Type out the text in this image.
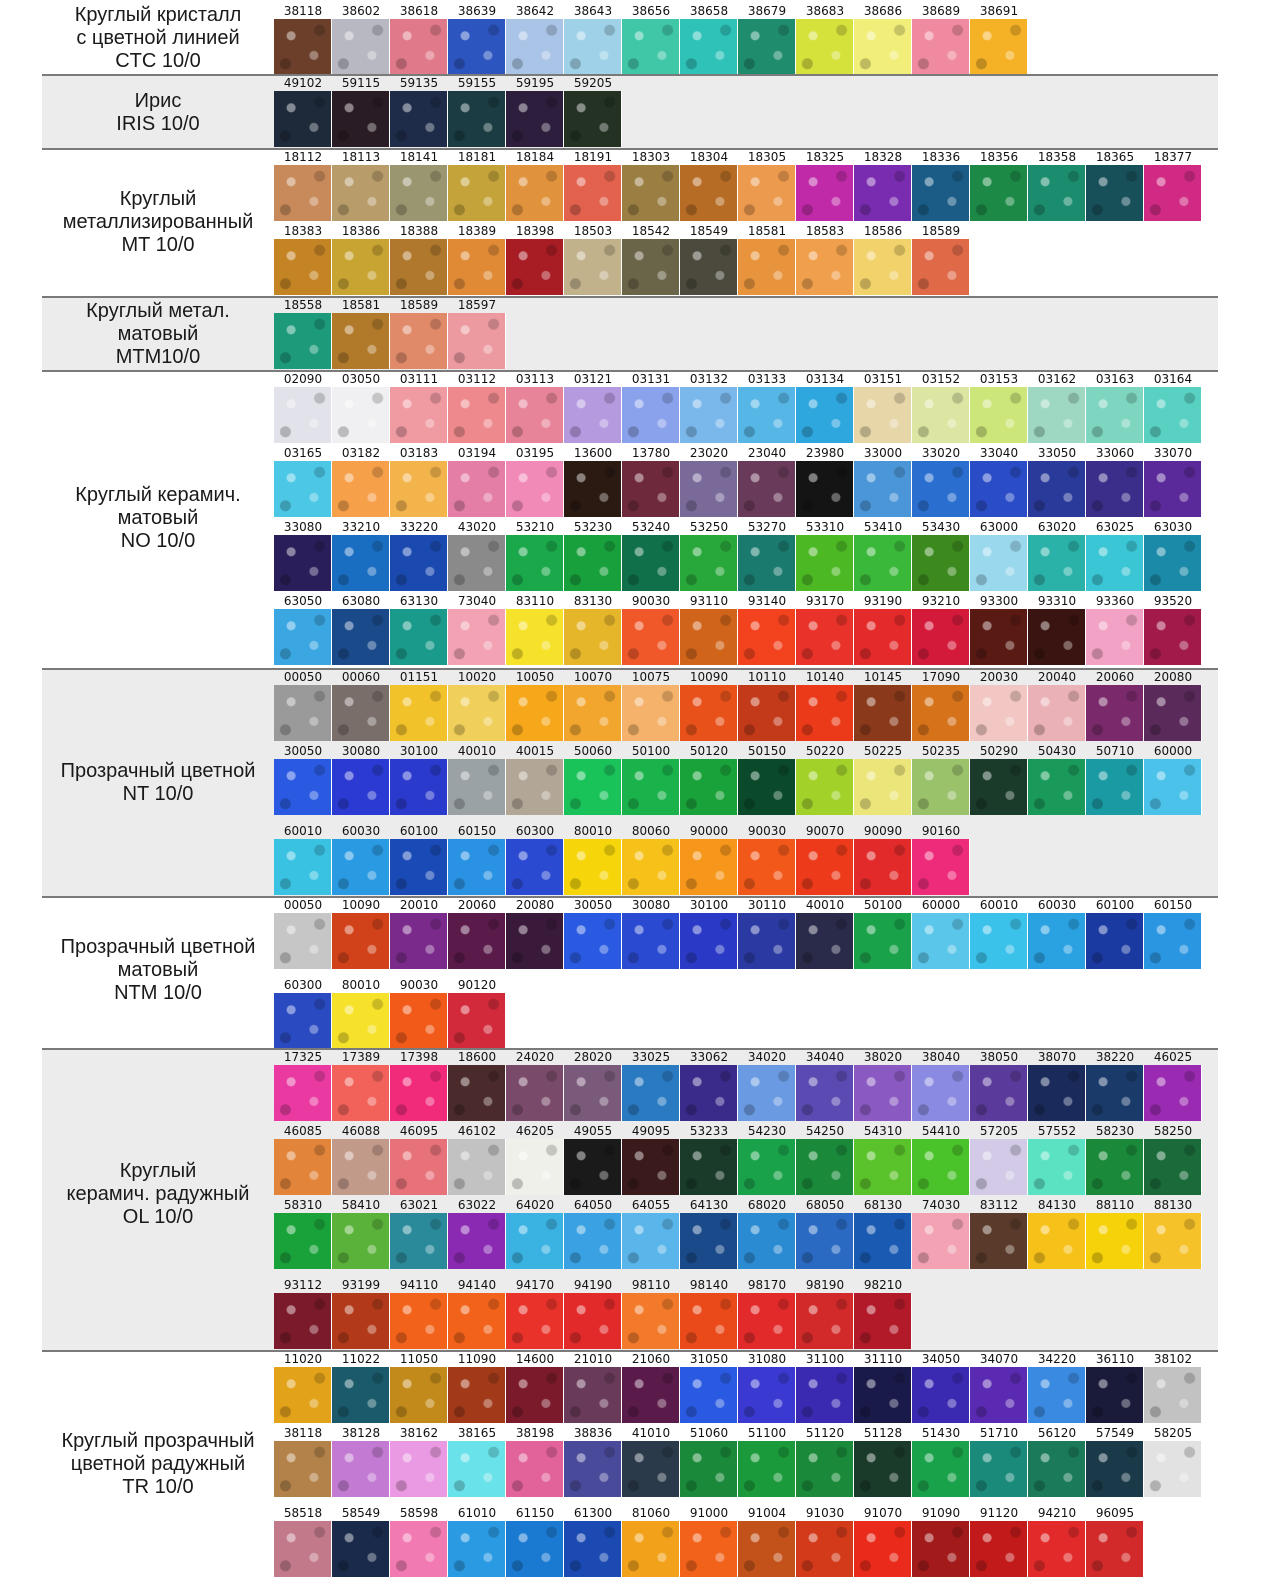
Круглый кристалл
с цветной линией
CTC 10/0
38118	38602	38618	38639	38642	38643	38656	38658	38679	38683	38686	38689	38691
Ирис
IRIS 10/0
49102	59115	59135	59155	59195	59205
Круглый
металлизированный
MT 10/0
18112	18113	18141	18181	18184	18191	18303	18304	18305	18325	18328	18336	18356	18358	18365	18377
18383	18386	18388	18389	18398	18503	18542	18549	18581	18583	18586	18589
Круглый метал.
матовый
MTM10/0
18558	18581	18589	18597
Круглый керамич.
матовый
NO 10/0
02090	03050	03111	03112	03113	03121	03131	03132	03133	03134	03151	03152	03153	03162	03163	03164
03165	03182	03183	03194	03195	13600	13780	23020	23040	23980	33000	33020	33040	33050	33060	33070
33080	33210	33220	43020	53210	53230	53240	53250	53270	53310	53410	53430	63000	63020	63025	63030
63050	63080	63130	73040	83110	83130	90030	93110	93140	93170	93190	93210	93300	93310	93360	93520
Прозрачный цветной
NT 10/0
00050	00060	01151	10020	10050	10070	10075	10090	10110	10140	10145	17090	20030	20040	20060	20080
30050	30080	30100	40010	40015	50060	50100	50120	50150	50220	50225	50235	50290	50430	50710	60000
60010	60030	60100	60150	60300	80010	80060	90000	90030	90070	90090	90160
Прозрачный цветной
матовый
NTM 10/0
00050	10090	20010	20060	20080	30050	30080	30100	30110	40010	50100	60000	60010	60030	60100	60150
60300	80010	90030	90120
Круглый
керамич. радужный
OL 10/0
17325	17389	17398	18600	24020	28020	33025	33062	34020	34040	38020	38040	38050	38070	38220	46025
46085	46088	46095	46102	46205	49055	49095	53233	54230	54250	54310	54410	57205	57552	58230	58250
58310	58410	63021	63022	64020	64050	64055	64130	68020	68050	68130	74030	83112	84130	88110	88130
93112	93199	94110	94140	94170	94190	98110	98140	98170	98190	98210
Круглый прозрачный
цветной радужный
TR 10/0
11020	11022	11050	11090	14600	21010	21060	31050	31080	31100	31110	34050	34070	34220	36110	38102
38118	38128	38162	38165	38198	38836	41010	51060	51100	51120	51128	51430	51710	56120	57549	58205
58518	58549	58598	61010	61150	61300	81060	91000	91004	91030	91070	91090	91120	94210	96095
